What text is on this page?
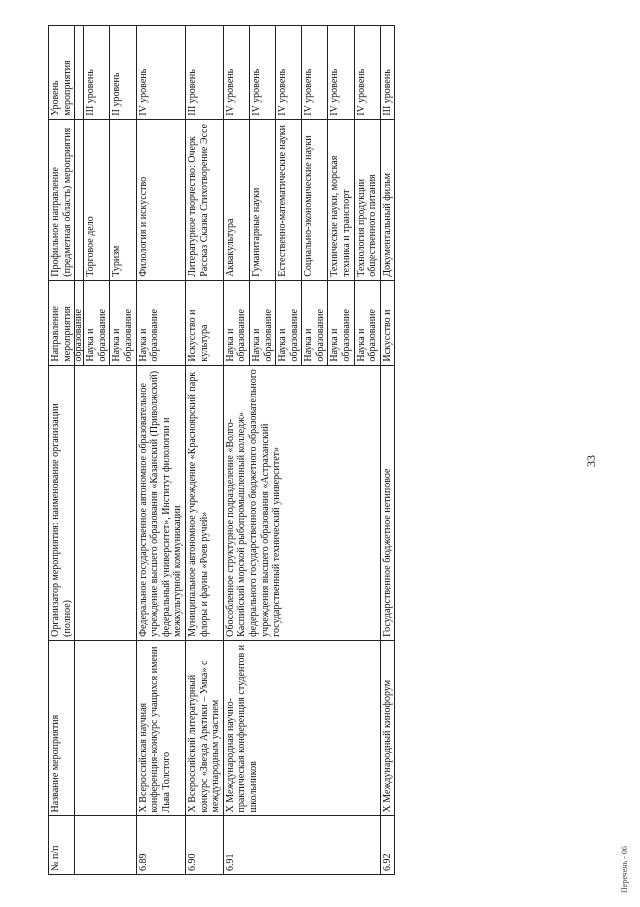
33
Перечень - 06
№ п/п	Название мероприятия	Организатор мероприятия: наименование организации (полное)	Направление мероприятия	Профильное направление (предметная область) мероприятия	Уровень мероприятия
			образование		
			Наука и образование	Торговое дело	III уровень
			Наука и образование	Туризм	II уровень
6.89	X Всероссийская научная конференция-конкурс учащихся имени Льва Толстого	Федеральное государственное автономное образовательное учреждение высшего образования «Казанский (Приволжский) федеральный университет», Институт филологии и межкультурной коммуникации	Наука и образование	Филология и искусство	IV уровень
6.90	X Всероссийский литературный конкурс «Звезда Арктики – Умка» с международным участием	Муниципальное автономное учреждение «Красноярский парк флоры и фауны «Роев ручей»	Искусство и культура	Литературное творчество: Очерк Рассказ Сказка Стихотворение Эссе	III уровень
6.91	X Международная научно-практическая конференция студентов и школьников	Обособленное структурное подразделение «Волго-Каспийский морской рыбопромышленный колледж» федерального государственного бюджетного образовательного учреждения высшего образования «Астраханский государственный технический университет»	Наука и образование	Аквакультура	IV уровень
			Наука и образование	Гуманитарные науки	IV уровень
			Наука и образование	Естественно-математические науки	IV уровень
			Наука и образование	Социально-экономические науки	IV уровень
			Наука и образование	Технические науки, морская техника и транспорт	IV уровень
			Наука и образование	Технология продукции общественного питания	IV уровень
6.92	X Международный кинофорум	Государственное бюджетное нетиповое	Искусство и	Документальный фильм	III уровень
